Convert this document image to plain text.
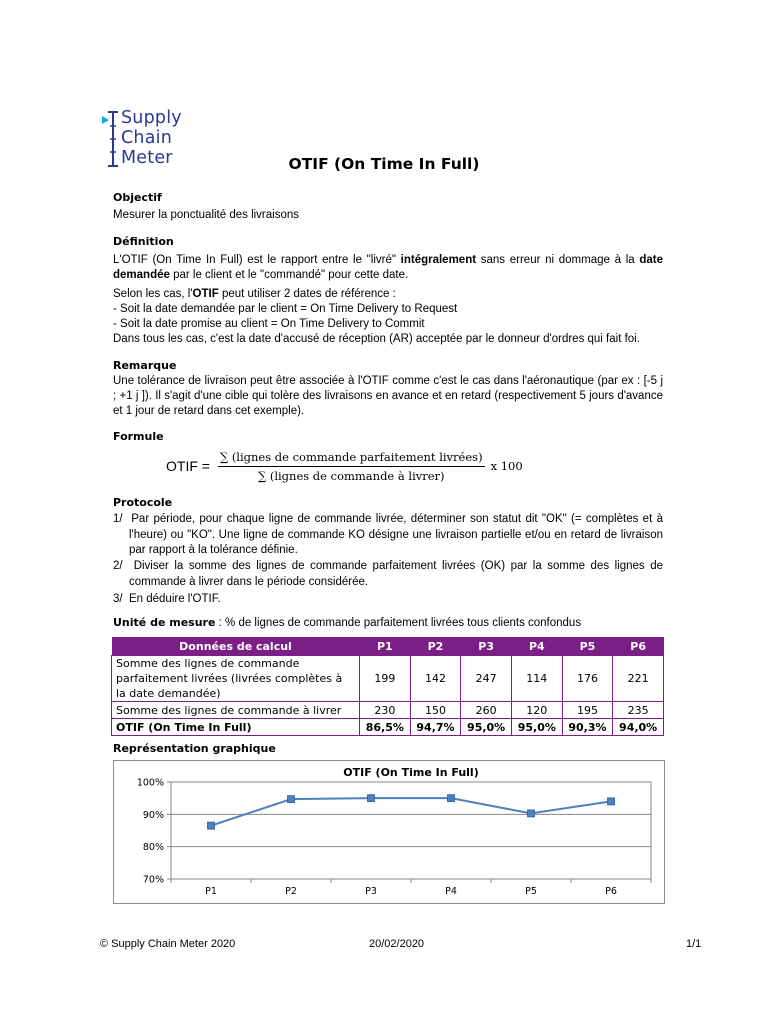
Supply
Chain
Meter	OTIF (On Time In Full)
Objectif
Mesurer la ponctualité des livraisons
Définition
L'OTIF (On Time In Full) est le rapport entre le "livré" intégralement sans erreur ni dommage à la date demandée par le client et le "commandé" pour cette date.
Selon les cas, l'OTIF peut utiliser 2 dates de référence :
- Soit la date demandée par le client = On Time Delivery to Request
- Soit la date promise au client = On Time Delivery to Commit
Dans tous les cas, c'est la date d'accusé de réception (AR) acceptée par le donneur d'ordres qui fait foi.
Remarque
Une tolérance de livraison peut être associée à l'OTIF comme c'est le cas dans l'aéronautique (par ex : [-5 j ; +1 j ]). Il s'agit d'une cible qui tolère des livraisons en avance et en retard (respectivement 5 jours d'avance et 1 jour de retard dans cet exemple).
Formule
OTIF = $\frac{\text{∑ (lignes de commande parfaitement livrées)}}{\text{∑ (lignes de commande à livrer)}}$ x 100
Protocole
1/ Par période, pour chaque ligne de commande livrée, déterminer son statut dit "OK" (= complètes et à l'heure) ou "KO". Une ligne de commande KO désigne une livraison partielle et/ou en retard de livraison par rapport à la tolérance définie.
2/ Diviser la somme des lignes de commande parfaitement livrées (OK) par la somme des lignes de commande à livrer dans le période considérée.
3/ En déduire l'OTIF.
Unité de mesure : % de lignes de commande parfaitement livrées tous clients confondus
Données de calcul	P1	P2	P3	P4	P5	P6
Somme des lignes de commande parfaitement livrées (livrées complètes à la date demandée)	199	142	247	114	176	221
Somme des lignes de commande à livrer	230	150	260	120	195	235
OTIF (On Time In Full)	86,5%	94,7%	95,0%	95,0%	90,3%	94,0%
Représentation graphique
OTIF (On Time In Full)
70%
80%
90%
100%
P1	P2	P3	P4	P5	P6
© Supply Chain Meter 2020	20/02/2020	1/1
